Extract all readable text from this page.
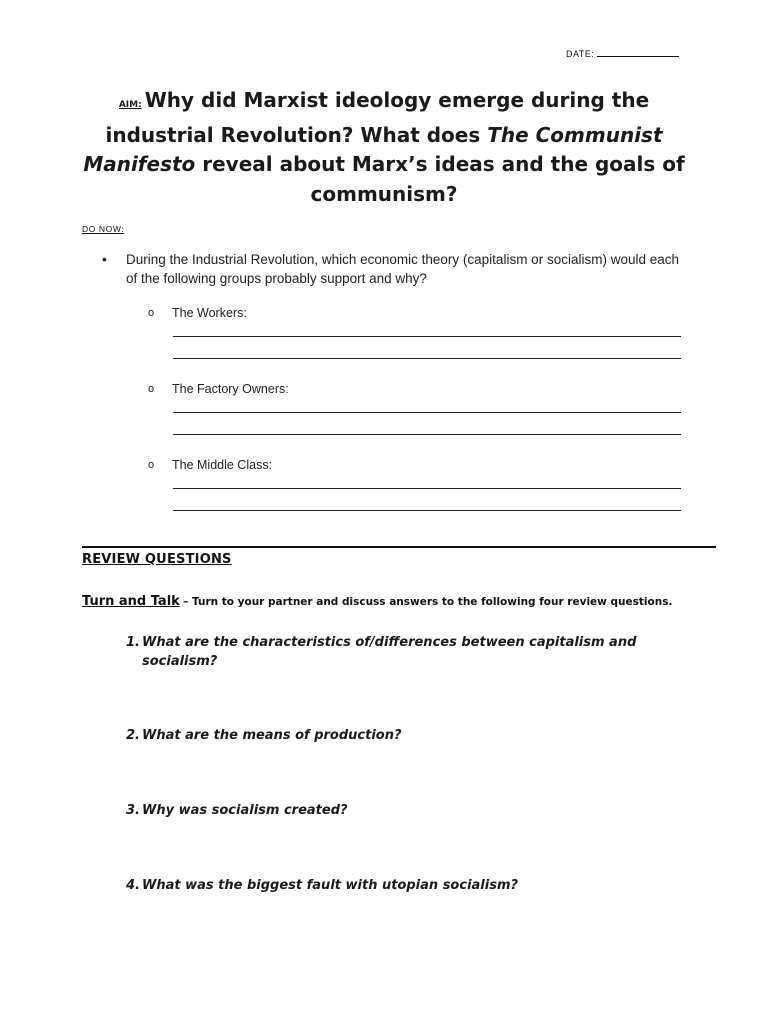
DATE:
AIM: Why did Marxist ideology emerge during the industrial Revolution? What does The Communist Manifesto reveal about Marx’s ideas and the goals of communism?
DO NOW:
• During the Industrial Revolution, which economic theory (capitalism or socialism) would each of the following groups probably support and why?
o The Workers:
o The Factory Owners:
o The Middle Class:
REVIEW QUESTIONS
Turn and Talk – Turn to your partner and discuss answers to the following four review questions.
1. What are the characteristics of/differences between capitalism and socialism?
2. What are the means of production?
3. Why was socialism created?
4. What was the biggest fault with utopian socialism?
